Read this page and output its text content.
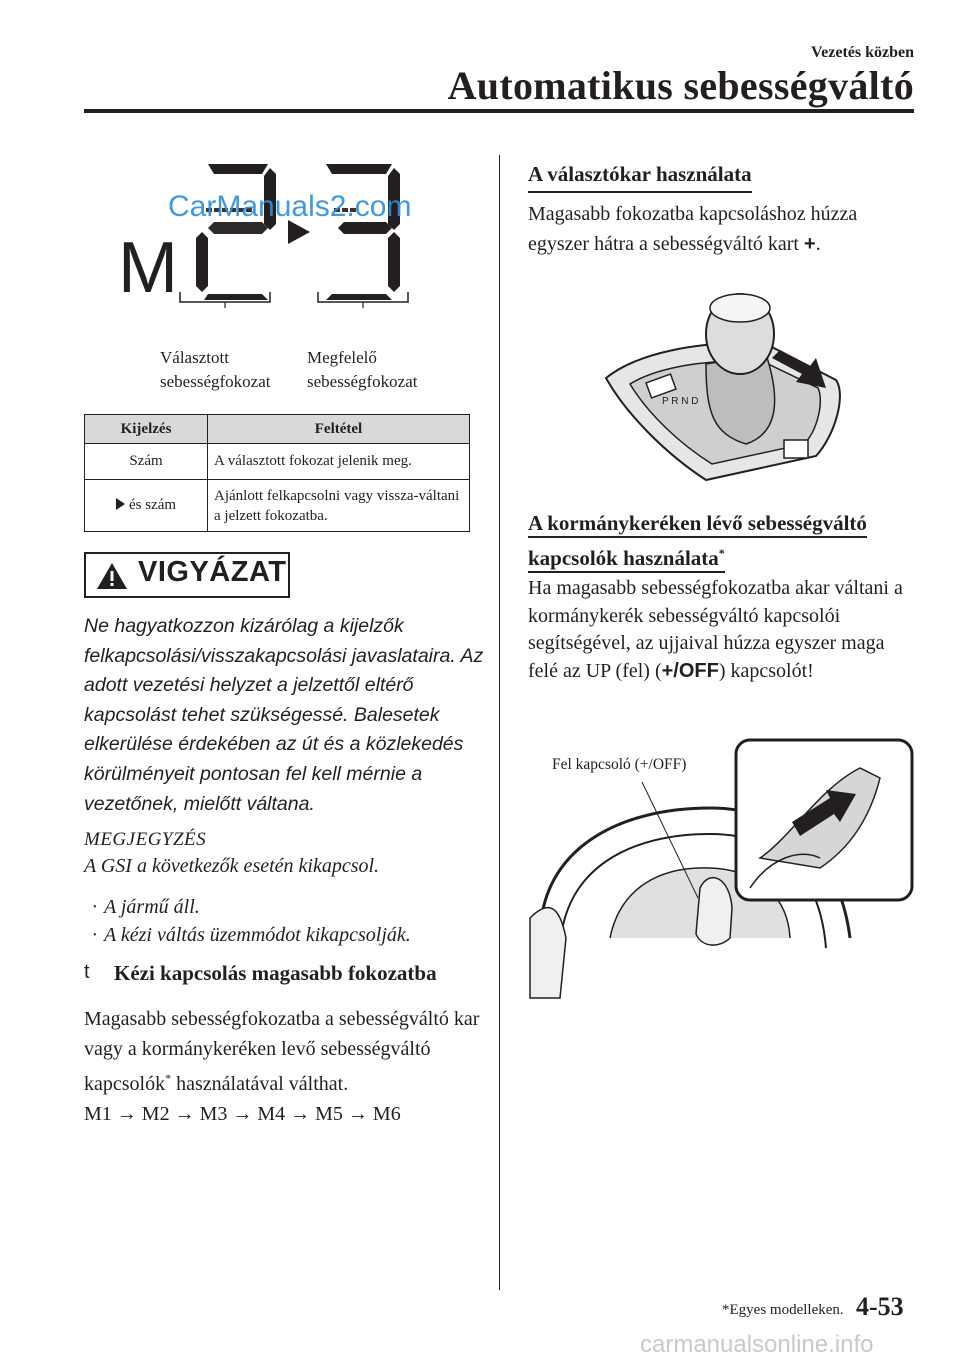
Vezetés közben
Automatikus sebességváltó
M
CarManuals2.com
Választott
sebességfokozat
Megfelelő
sebességfokozat
Kijelzés	Feltétel
Szám	A választott fokozat jelenik meg.
és szám	Ajánlott felkapcsolni vagy vissza-váltani a jelzett fokozatba.
VIGYÁZAT
Ne hagyatkozzon kizárólag a kijelzők felkapcsolási/visszakapcsolási javaslataira. Az adott vezetési helyzet a jelzettől eltérő kapcsolást tehet szükségessé. Balesetek elkerülése érdekében az út és a közlekedés körülményeit pontosan fel kell mérnie a vezetőnek, mielőtt váltana.
MEGJEGYZÉS
A GSI a következők esetén kikapcsol.
· A jármű áll.
· A kézi váltás üzemmódot kikapcsolják.
t Kézi kapcsolás magasabb fokozatba
Magasabb sebességfokozatba a sebességváltó kar vagy a kormánykeréken levő sebességváltó kapcsolók* használatával válthat.
M1 → M2 → M3 → M4 → M5 → M6
A választókar használata
Magasabb fokozatba kapcsoláshoz húzza egyszer hátra a sebességváltó kart +.
P R N D
A kormánykeréken lévő sebességváltó
kapcsolók használata*
Ha magasabb sebességfokozatba akar váltani a kormánykerék sebességváltó kapcsolói segítségével, az ujjaival húzza egyszer maga felé az UP (fel) (+/OFF) kapcsolót!
Fel kapcsoló (+/OFF)
*Egyes modelleken. 4-53
carmanualsonline.info
